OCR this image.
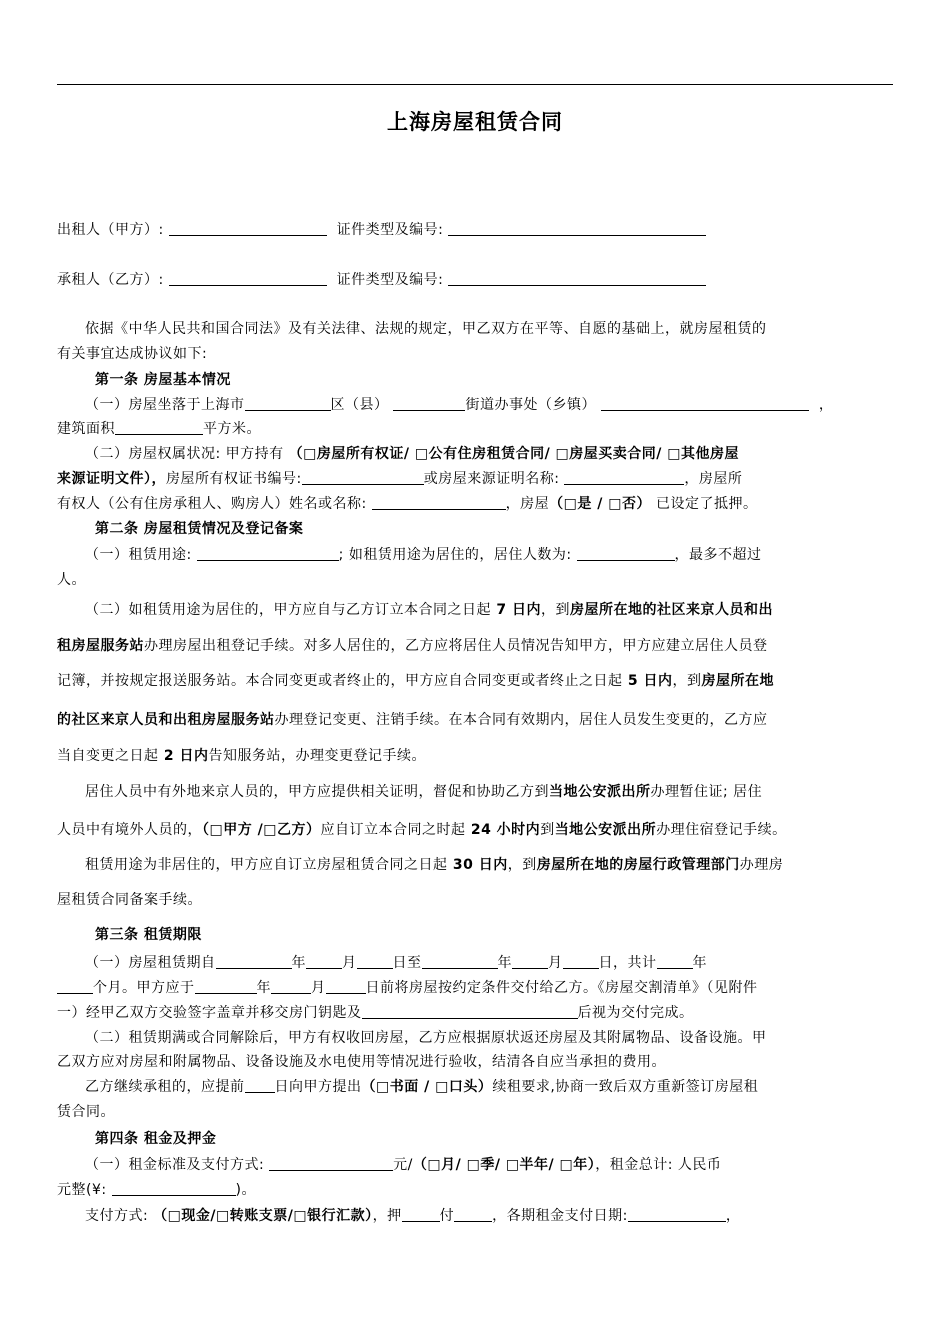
上海房屋租赁合同
出租人（甲方）:	证件类型及编号:
承租人（乙方）:	证件类型及编号:
依据《中华人民共和国合同法》及有关法律、法规的规定，甲乙双方在平等、自愿的基础上，就房屋租赁的
有关事宜达成协议如下:
第一条 房屋基本情况
（一）房屋坐落于上海市	区（县）	街道办事处（乡镇）	，
建筑面积	平方米。
（二）房屋权属状况: 甲方持有 （□房屋所有权证/ □公有住房租赁合同/ □房屋买卖合同/ □其他房屋
来源证明文件），房屋所有权证书编号:	或房屋来源证明名称:	，房屋所
有权人（公有住房承租人、购房人）姓名或名称:	，房屋（□是 / □否） 已设定了抵押。
第二条 房屋租赁情况及登记备案
（一）租赁用途:	; 如租赁用途为居住的，居住人数为:	，最多不超过
人。
（二）如租赁用途为居住的，甲方应自与乙方订立本合同之日起 7 日内，到房屋所在地的社区来京人员和出
租房屋服务站办理房屋出租登记手续。对多人居住的，乙方应将居住人员情况告知甲方，甲方应建立居住人员登
记簿，并按规定报送服务站。本合同变更或者终止的，甲方应自合同变更或者终止之日起 5 日内，到房屋所在地
的社区来京人员和出租房屋服务站办理登记变更、注销手续。在本合同有效期内，居住人员发生变更的，乙方应
当自变更之日起 2 日内告知服务站，办理变更登记手续。
居住人员中有外地来京人员的，甲方应提供相关证明，督促和协助乙方到当地公安派出所办理暂住证; 居住
人员中有境外人员的，（□甲方 /□乙方）应自订立本合同之时起 24 小时内到当地公安派出所办理住宿登记手续。
租赁用途为非居住的，甲方应自订立房屋租赁合同之日起 30 日内，到房屋所在地的房屋行政管理部门办理房
屋租赁合同备案手续。
第三条 租赁期限
（一）房屋租赁期自	年	月	日至	年	月	日，共计	年
个月。甲方应于	年	月	日前将房屋按约定条件交付给乙方。《房屋交割清单》（见附件
一）经甲乙双方交验签字盖章并移交房门钥匙及	后视为交付完成。
（二）租赁期满或合同解除后，甲方有权收回房屋，乙方应根据原状返还房屋及其附属物品、设备设施。甲
乙双方应对房屋和附属物品、设备设施及水电使用等情况进行验收，结清各自应当承担的费用。
乙方继续承租的，应提前 日向甲方提出（□书面 / □口头）续租要求,协商一致后双方重新签订房屋租
赁合同。
第四条 租金及押金
（一）租金标准及支付方式:	元/（□月/ □季/ □半年/ □年），租金总计: 人民币
元整(¥:	)。
支付方式: （□现金/□转账支票/□银行汇款），押	付	，各期租金支付日期:	，
